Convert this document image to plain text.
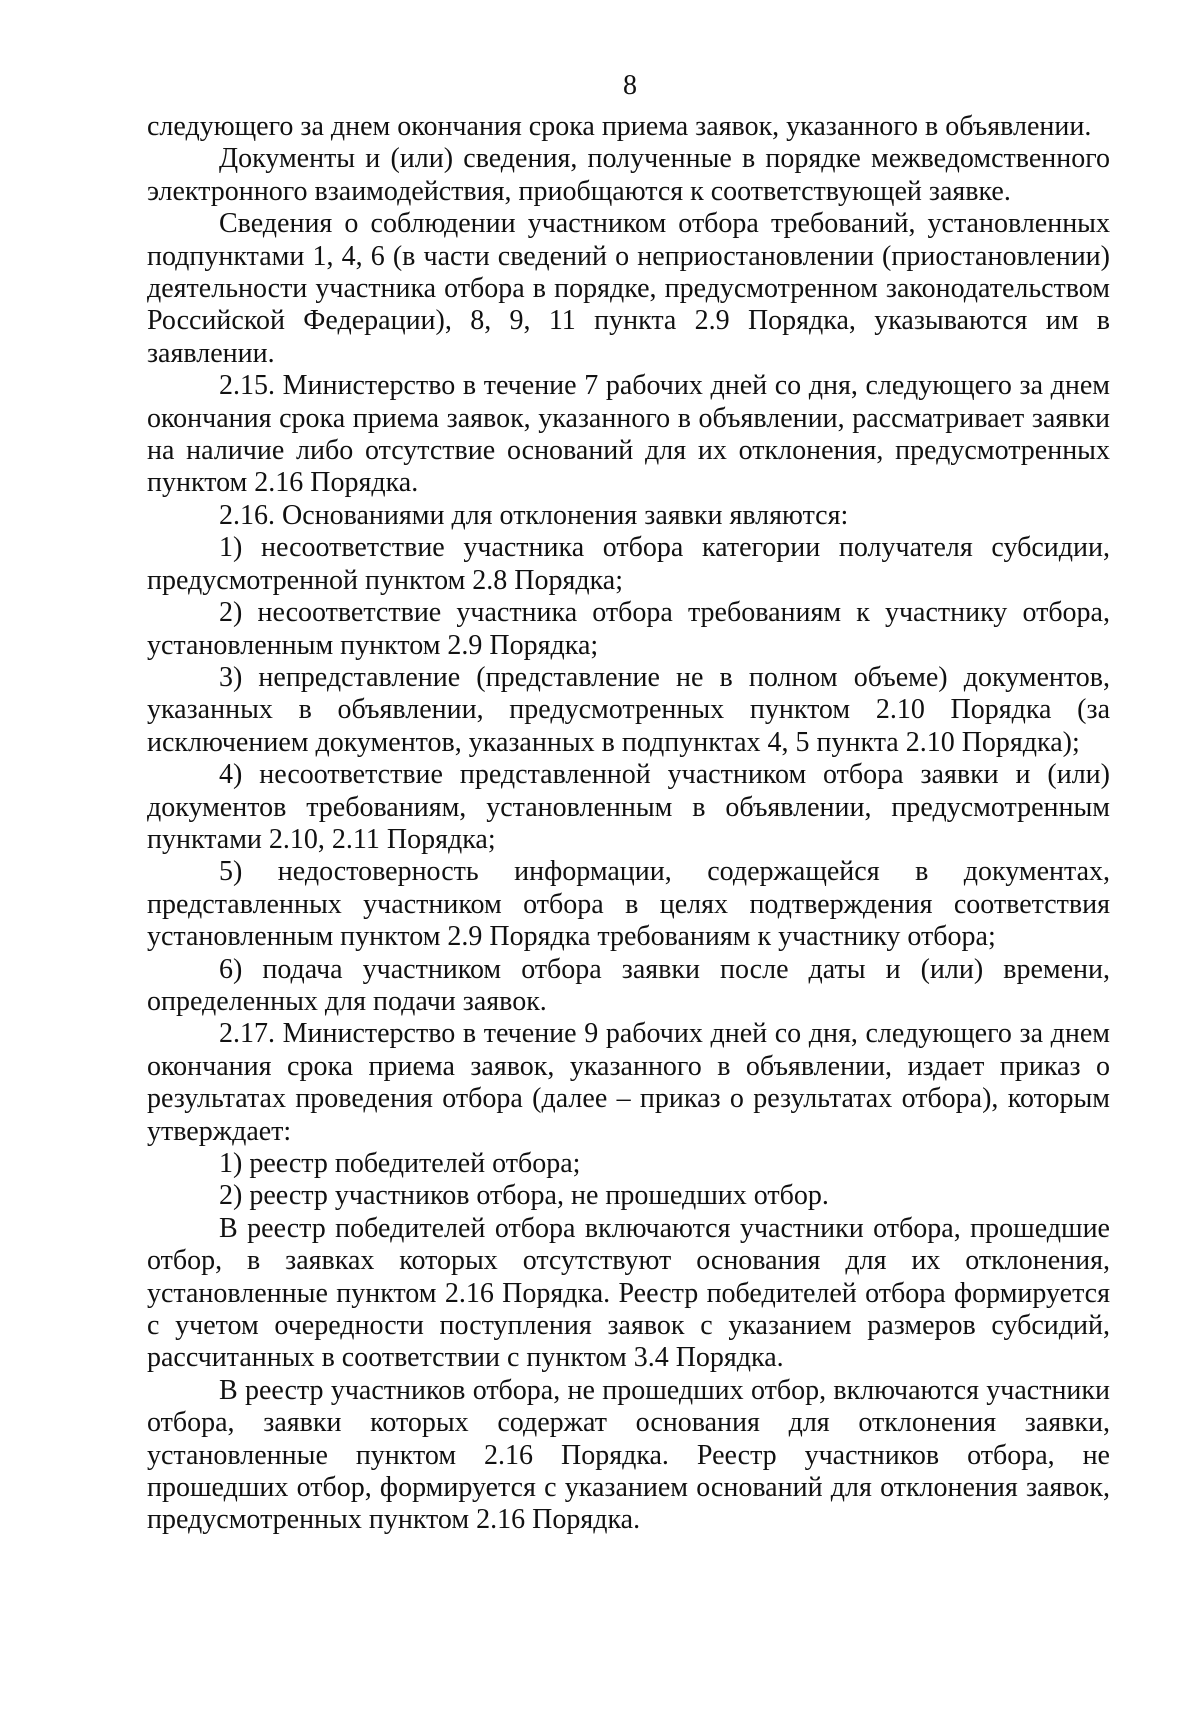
8

следующего за днем окончания срока приема заявок, указанного в объявлении.

Документы и (или) сведения, полученные в порядке межведомственного электронного взаимодействия, приобщаются к соответствующей заявке.

Сведения о соблюдении участником отбора требований, установленных подпунктами 1, 4, 6 (в части сведений о неприостановлении (приостановлении) деятельности участника отбора в порядке, предусмотренном законодательством Российской Федерации), 8, 9, 11 пункта 2.9 Порядка, указываются им в заявлении.

2.15. Министерство в течение 7 рабочих дней со дня, следующего за днем окончания срока приема заявок, указанного в объявлении, рассматривает заявки на наличие либо отсутствие оснований для их отклонения, предусмотренных пунктом 2.16 Порядка.

2.16. Основаниями для отклонения заявки являются:

1) несоответствие участника отбора категории получателя субсидии, предусмотренной пунктом 2.8 Порядка;

2) несоответствие участника отбора требованиям к участнику отбора, установленным пунктом 2.9 Порядка;

3) непредставление (представление не в полном объеме) документов, указанных в объявлении, предусмотренных пунктом 2.10 Порядка (за исключением документов, указанных в подпунктах 4, 5 пункта 2.10 Порядка);

4) несоответствие представленной участником отбора заявки и (или) документов требованиям, установленным в объявлении, предусмотренным пунктами 2.10, 2.11 Порядка;

5) недостоверность информации, содержащейся в документах, представленных участником отбора в целях подтверждения соответствия установленным пунктом 2.9 Порядка требованиям к участнику отбора;

6) подача участником отбора заявки после даты и (или) времени, определенных для подачи заявок.

2.17. Министерство в течение 9 рабочих дней со дня, следующего за днем окончания срока приема заявок, указанного в объявлении, издает приказ о результатах проведения отбора (далее – приказ о результатах отбора), которым утверждает:

1) реестр победителей отбора;

2) реестр участников отбора, не прошедших отбор.

В реестр победителей отбора включаются участники отбора, прошедшие отбор, в заявках которых отсутствуют основания для их отклонения, установленные пунктом 2.16 Порядка. Реестр победителей отбора формируется с учетом очередности поступления заявок с указанием размеров субсидий, рассчитанных в соответствии с пунктом 3.4 Порядка.

В реестр участников отбора, не прошедших отбор, включаются участники отбора, заявки которых содержат основания для отклонения заявки, установленные пунктом 2.16 Порядка. Реестр участников отбора, не прошедших отбор, формируется с указанием оснований для отклонения заявок, предусмотренных пунктом 2.16 Порядка.
